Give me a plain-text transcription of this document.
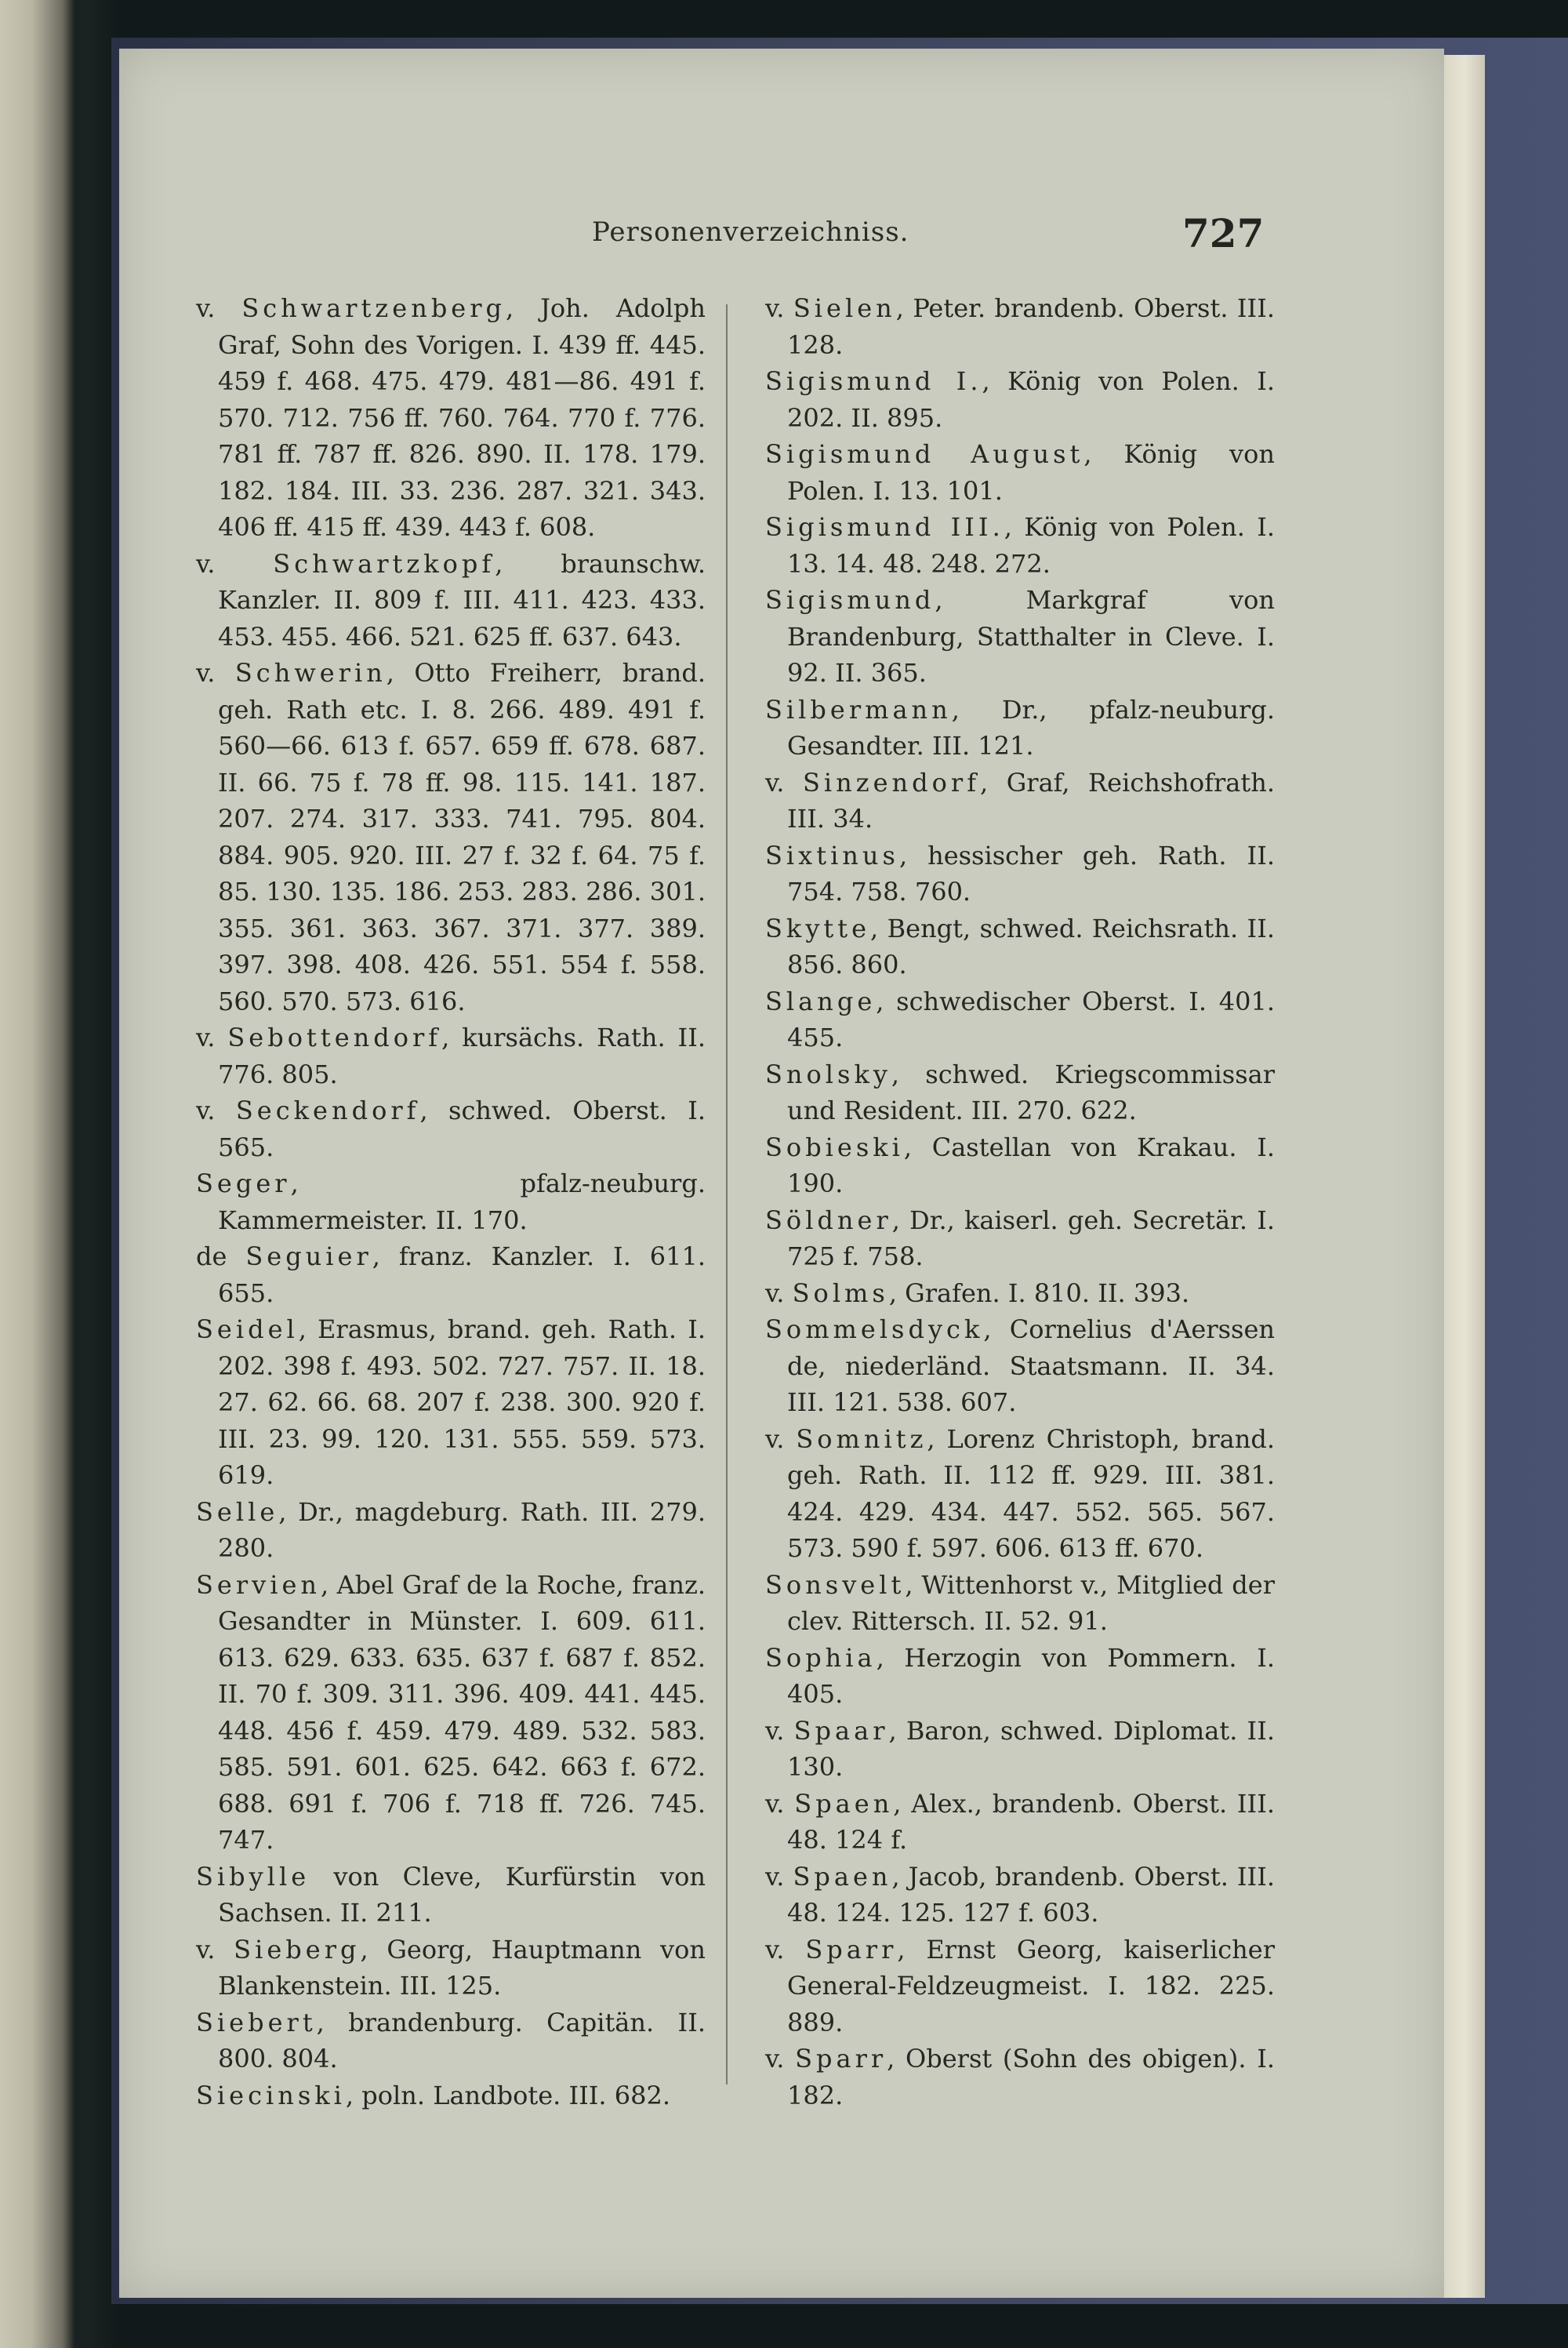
Personenverzeichniss.	727

v. Schwartzenberg, Joh. Adolph Graf, Sohn des Vorigen. I. 439 ff. 445. 459 f. 468. 475. 479. 481—86. 491 f. 570. 712. 756 ff. 760. 764. 770 f. 776. 781 ff. 787 ff. 826. 890. II. 178. 179. 182. 184. III. 33. 236. 287. 321. 343. 406 ff. 415 ff. 439. 443 f. 608.

v. Schwartzkopf, braunschw. Kanzler. II. 809 f. III. 411. 423. 433. 453. 455. 466. 521. 625 ff. 637. 643.

v. Schwerin, Otto Freiherr, brand. geh. Rath etc. I. 8. 266. 489. 491 f. 560—66. 613 f. 657. 659 ff. 678. 687. II. 66. 75 f. 78 ff. 98. 115. 141. 187. 207. 274. 317. 333. 741. 795. 804. 884. 905. 920. III. 27 f. 32 f. 64. 75 f. 85. 130. 135. 186. 253. 283. 286. 301. 355. 361. 363. 367. 371. 377. 389. 397. 398. 408. 426. 551. 554 f. 558. 560. 570. 573. 616.

v. Sebottendorf, kursächs. Rath. II. 776. 805.

v. Seckendorf, schwed. Oberst. I. 565.

Seger, pfalz-neuburg. Kammermeister. II. 170.

de Seguier, franz. Kanzler. I. 611. 655.

Seidel, Erasmus, brand. geh. Rath. I. 202. 398 f. 493. 502. 727. 757. II. 18. 27. 62. 66. 68. 207 f. 238. 300. 920 f. III. 23. 99. 120. 131. 555. 559. 573. 619.

Selle, Dr., magdeburg. Rath. III. 279. 280.

Servien, Abel Graf de la Roche, franz. Gesandter in Münster. I. 609. 611. 613. 629. 633. 635. 637 f. 687 f. 852. II. 70 f. 309. 311. 396. 409. 441. 445. 448. 456 f. 459. 479. 489. 532. 583. 585. 591. 601. 625. 642. 663 f. 672. 688. 691 f. 706 f. 718 ff. 726. 745. 747.

Sibylle von Cleve, Kurfürstin von Sachsen. II. 211.

v. Sieberg, Georg, Hauptmann von Blankenstein. III. 125.

Siebert, brandenburg. Capitän. II. 800. 804.

Siecinski, poln. Landbote. III. 682.

v. Sielen, Peter. brandenb. Oberst. III. 128.

Sigismund I., König von Polen. I. 202. II. 895.

Sigismund August, König von Polen. I. 13. 101.

Sigismund III., König von Polen. I. 13. 14. 48. 248. 272.

Sigismund, Markgraf von Brandenburg, Statthalter in Cleve. I. 92. II. 365.

Silbermann, Dr., pfalz-neuburg. Gesandter. III. 121.

v. Sinzendorf, Graf, Reichshofrath. III. 34.

Sixtinus, hessischer geh. Rath. II. 754. 758. 760.

Skytte, Bengt, schwed. Reichsrath. II. 856. 860.

Slange, schwedischer Oberst. I. 401. 455.

Snolsky, schwed. Kriegscommissar und Resident. III. 270. 622.

Sobieski, Castellan von Krakau. I. 190.

Söldner, Dr., kaiserl. geh. Secretär. I. 725 f. 758.

v. Solms, Grafen. I. 810. II. 393.

Sommelsdyck, Cornelius d'Aerssen de, niederländ. Staatsmann. II. 34. III. 121. 538. 607.

v. Somnitz, Lorenz Christoph, brand. geh. Rath. II. 112 ff. 929. III. 381. 424. 429. 434. 447. 552. 565. 567. 573. 590 f. 597. 606. 613 ff. 670.

Sonsvelt, Wittenhorst v., Mitglied der clev. Rittersch. II. 52. 91.

Sophia, Herzogin von Pommern. I. 405.

v. Spaar, Baron, schwed. Diplomat. II. 130.

v. Spaen, Alex., brandenb. Oberst. III. 48. 124 f.

v. Spaen, Jacob, brandenb. Oberst. III. 48. 124. 125. 127 f. 603.

v. Sparr, Ernst Georg, kaiserlicher General-Feldzeugmeist. I. 182. 225. 889.

v. Sparr, Oberst (Sohn des obigen). I. 182.
